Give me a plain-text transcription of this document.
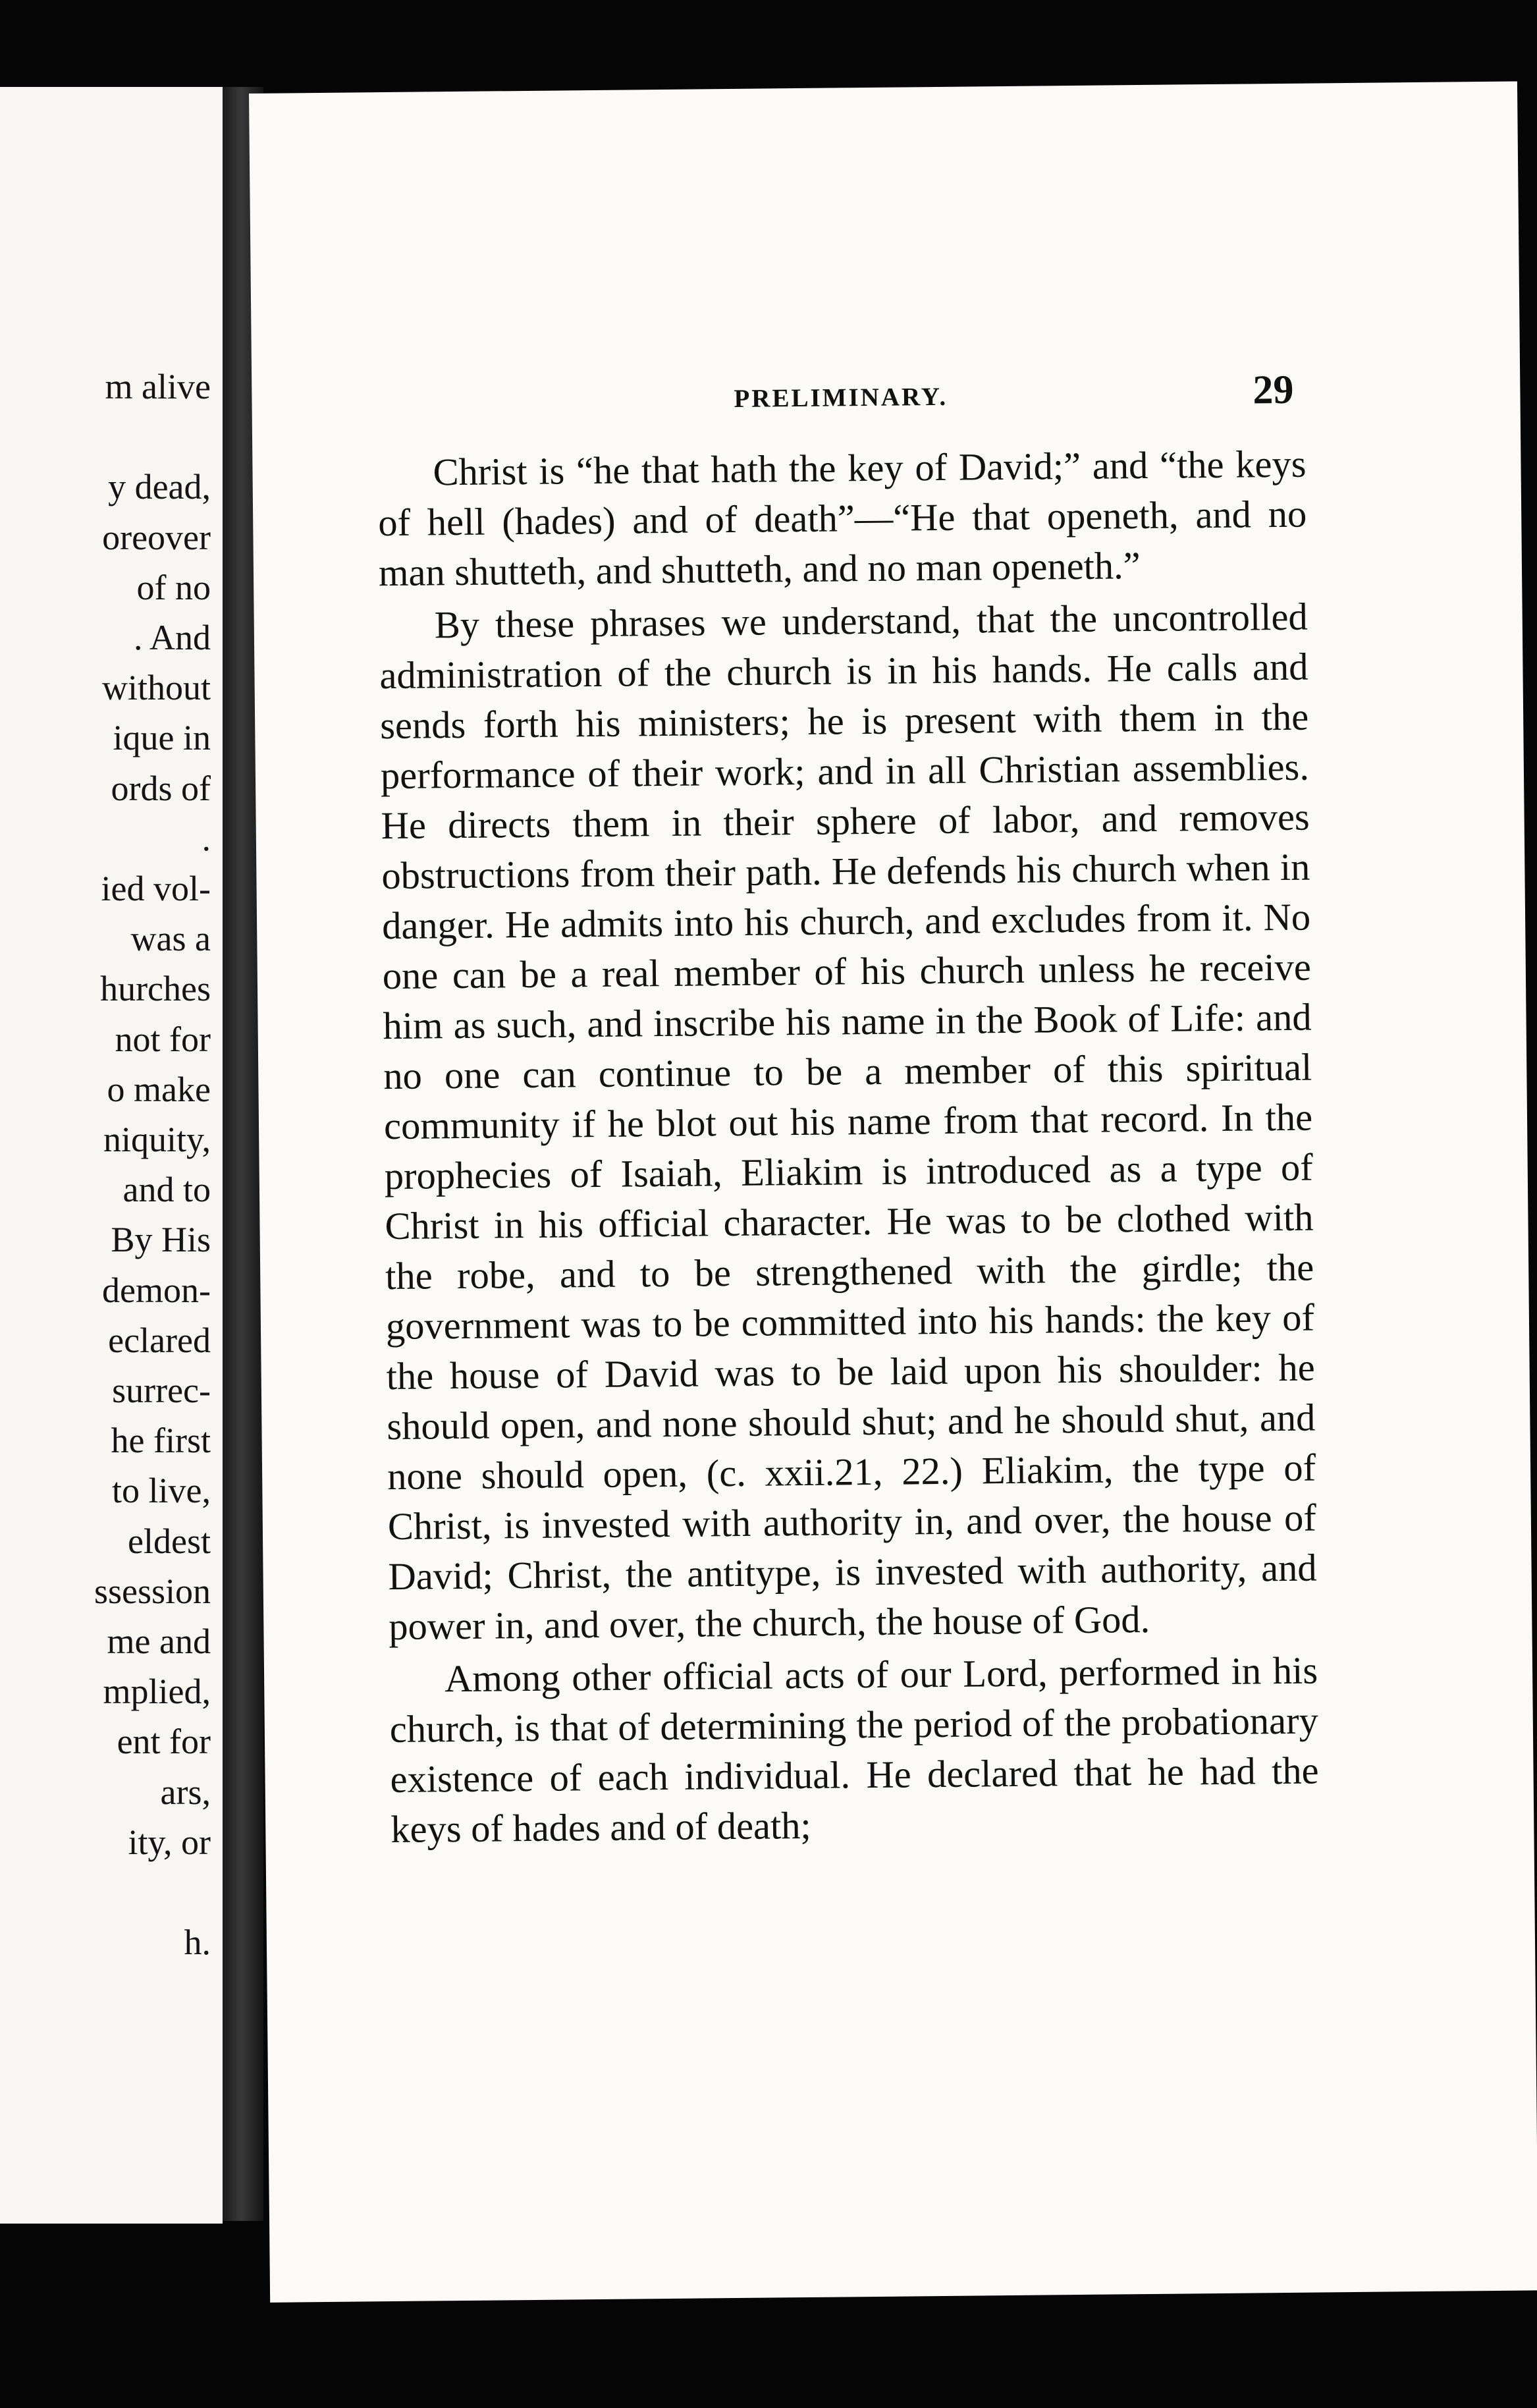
m alive
y dead,
oreover
of no
. And
without
ique in
ords of
.
ied vol-
was a
hurches
not for
o make
niquity,
and to
By His
demon-
eclared
surrec-
he first
to live,
eldest
ssession
me and
mplied,
ent for
ars,
ity, or
h.
PRELIMINARY.	29

Christ is “he that hath the key of David;” and “the keys of hell (hades) and of death”—“He that openeth, and no man shutteth, and shutteth, and no man openeth.”

By these phrases we understand, that the uncontrolled administration of the church is in his hands. He calls and sends forth his ministers; he is present with them in the performance of their work; and in all Christian assemblies. He directs them in their sphere of labor, and removes obstructions from their path. He defends his church when in danger. He admits into his church, and excludes from it. No one can be a real member of his church unless he receive him as such, and inscribe his name in the Book of Life: and no one can continue to be a member of this spiritual community if he blot out his name from that record. In the prophecies of Isaiah, Eliakim is introduced as a type of Christ in his official character. He was to be clothed with the robe, and to be strengthened with the girdle; the government was to be committed into his hands: the key of the house of David was to be laid upon his shoulder: he should open, and none should shut; and he should shut, and none should open, (c. xxii.21, 22.) Eliakim, the type of Christ, is invested with authority in, and over, the house of David; Christ, the antitype, is invested with authority, and power in, and over, the church, the house of God.

Among other official acts of our Lord, performed in his church, is that of determining the period of the probationary existence of each individual. He declared that he had the keys of hades and of death;
